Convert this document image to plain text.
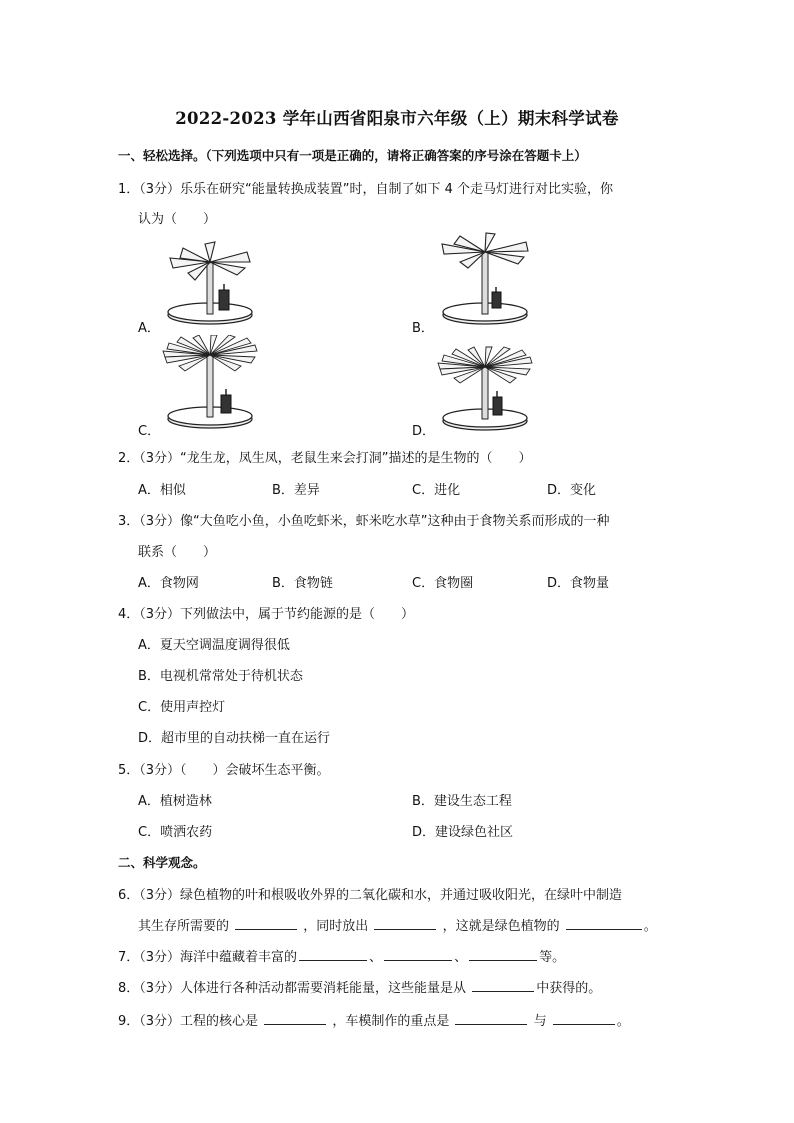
2022-2023 学年山西省阳泉市六年级（上）期末科学试卷
一、轻松选择。（下列选项中只有一项是正确的，请将正确答案的序号涂在答题卡上）
1．（3分）乐乐在研究“能量转换成装置”时，自制了如下 4 个走马灯进行对比实验，你
认为（　　）
A．	B．
C．	D．
2．（3分）“龙生龙，凤生凤，老鼠生来会打洞”描述的是生物的（　　）
A．相似	B．差异	C．进化	D．变化
3．（3分）像“大鱼吃小鱼，小鱼吃虾米，虾米吃水草”这种由于食物关系而形成的一种
联系（　　）
A．食物网	B．食物链	C．食物圈	D．食物量
4．（3分）下列做法中，属于节约能源的是（　　）
A．夏天空调温度调得很低
B．电视机常常处于待机状态
C．使用声控灯
D．超市里的自动扶梯一直在运行
5．（3分）（　　）会破坏生态平衡。
A．植树造林	B．建设生态工程
C．喷洒农药	D．建设绿色社区
二、科学观念。
6．（3分）绿色植物的叶和根吸收外界的二氧化碳和水，并通过吸收阳光，在绿叶中制造
其生存所需要的	，同时放出	，这就是绿色植物的	。
7．（3分）海洋中蕴藏着丰富的	、	、	等。
8．（3分）人体进行各种活动都需要消耗能量，这些能量是从	中获得的。
9．（3分）工程的核心是	，车模制作的重点是	与	。
